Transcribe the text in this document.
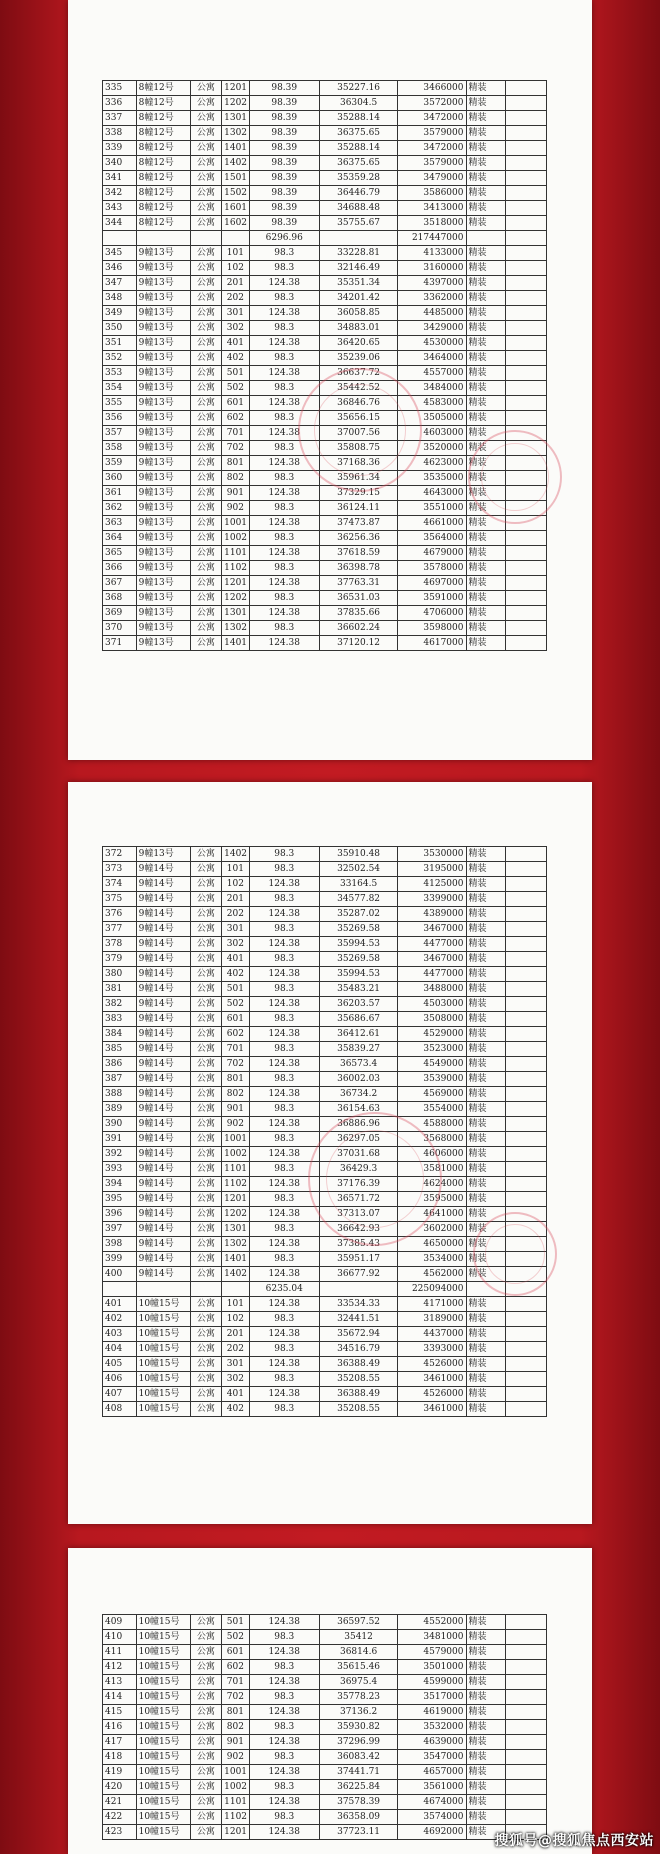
335	8幢12号	公寓	1201	98.39	35227.16	3466000	精装	
336	8幢12号	公寓	1202	98.39	36304.5	3572000	精装	
337	8幢12号	公寓	1301	98.39	35288.14	3472000	精装	
338	8幢12号	公寓	1302	98.39	36375.65	3579000	精装	
339	8幢12号	公寓	1401	98.39	35288.14	3472000	精装	
340	8幢12号	公寓	1402	98.39	36375.65	3579000	精装	
341	8幢12号	公寓	1501	98.39	35359.28	3479000	精装	
342	8幢12号	公寓	1502	98.39	36446.79	3586000	精装	
343	8幢12号	公寓	1601	98.39	34688.48	3413000	精装	
344	8幢12号	公寓	1602	98.39	35755.67	3518000	精装	
				6296.96		217447000		
345	9幢13号	公寓	101	98.3	33228.81	4133000	精装	
346	9幢13号	公寓	102	98.3	32146.49	3160000	精装	
347	9幢13号	公寓	201	124.38	35351.34	4397000	精装	
348	9幢13号	公寓	202	98.3	34201.42	3362000	精装	
349	9幢13号	公寓	301	124.38	36058.85	4485000	精装	
350	9幢13号	公寓	302	98.3	34883.01	3429000	精装	
351	9幢13号	公寓	401	124.38	36420.65	4530000	精装	
352	9幢13号	公寓	402	98.3	35239.06	3464000	精装	
353	9幢13号	公寓	501	124.38	36637.72	4557000	精装	
354	9幢13号	公寓	502	98.3	35442.52	3484000	精装	
355	9幢13号	公寓	601	124.38	36846.76	4583000	精装	
356	9幢13号	公寓	602	98.3	35656.15	3505000	精装	
357	9幢13号	公寓	701	124.38	37007.56	4603000	精装	
358	9幢13号	公寓	702	98.3	35808.75	3520000	精装	
359	9幢13号	公寓	801	124.38	37168.36	4623000	精装	
360	9幢13号	公寓	802	98.3	35961.34	3535000	精装	
361	9幢13号	公寓	901	124.38	37329.15	4643000	精装	
362	9幢13号	公寓	902	98.3	36124.11	3551000	精装	
363	9幢13号	公寓	1001	124.38	37473.87	4661000	精装	
364	9幢13号	公寓	1002	98.3	36256.36	3564000	精装	
365	9幢13号	公寓	1101	124.38	37618.59	4679000	精装	
366	9幢13号	公寓	1102	98.3	36398.78	3578000	精装	
367	9幢13号	公寓	1201	124.38	37763.31	4697000	精装	
368	9幢13号	公寓	1202	98.3	36531.03	3591000	精装	
369	9幢13号	公寓	1301	124.38	37835.66	4706000	精装	
370	9幢13号	公寓	1302	98.3	36602.24	3598000	精装	
371	9幢13号	公寓	1401	124.38	37120.12	4617000	精装	
372	9幢13号	公寓	1402	98.3	35910.48	3530000	精装	
373	9幢14号	公寓	101	98.3	32502.54	3195000	精装	
374	9幢14号	公寓	102	124.38	33164.5	4125000	精装	
375	9幢14号	公寓	201	98.3	34577.82	3399000	精装	
376	9幢14号	公寓	202	124.38	35287.02	4389000	精装	
377	9幢14号	公寓	301	98.3	35269.58	3467000	精装	
378	9幢14号	公寓	302	124.38	35994.53	4477000	精装	
379	9幢14号	公寓	401	98.3	35269.58	3467000	精装	
380	9幢14号	公寓	402	124.38	35994.53	4477000	精装	
381	9幢14号	公寓	501	98.3	35483.21	3488000	精装	
382	9幢14号	公寓	502	124.38	36203.57	4503000	精装	
383	9幢14号	公寓	601	98.3	35686.67	3508000	精装	
384	9幢14号	公寓	602	124.38	36412.61	4529000	精装	
385	9幢14号	公寓	701	98.3	35839.27	3523000	精装	
386	9幢14号	公寓	702	124.38	36573.4	4549000	精装	
387	9幢14号	公寓	801	98.3	36002.03	3539000	精装	
388	9幢14号	公寓	802	124.38	36734.2	4569000	精装	
389	9幢14号	公寓	901	98.3	36154.63	3554000	精装	
390	9幢14号	公寓	902	124.38	36886.96	4588000	精装	
391	9幢14号	公寓	1001	98.3	36297.05	3568000	精装	
392	9幢14号	公寓	1002	124.38	37031.68	4606000	精装	
393	9幢14号	公寓	1101	98.3	36429.3	3581000	精装	
394	9幢14号	公寓	1102	124.38	37176.39	4624000	精装	
395	9幢14号	公寓	1201	98.3	36571.72	3595000	精装	
396	9幢14号	公寓	1202	124.38	37313.07	4641000	精装	
397	9幢14号	公寓	1301	98.3	36642.93	3602000	精装	
398	9幢14号	公寓	1302	124.38	37385.43	4650000	精装	
399	9幢14号	公寓	1401	98.3	35951.17	3534000	精装	
400	9幢14号	公寓	1402	124.38	36677.92	4562000	精装	
				6235.04		225094000		
401	10幢15号	公寓	101	124.38	33534.33	4171000	精装	
402	10幢15号	公寓	102	98.3	32441.51	3189000	精装	
403	10幢15号	公寓	201	124.38	35672.94	4437000	精装	
404	10幢15号	公寓	202	98.3	34516.79	3393000	精装	
405	10幢15号	公寓	301	124.38	36388.49	4526000	精装	
406	10幢15号	公寓	302	98.3	35208.55	3461000	精装	
407	10幢15号	公寓	401	124.38	36388.49	4526000	精装	
408	10幢15号	公寓	402	98.3	35208.55	3461000	精装	
409	10幢15号	公寓	501	124.38	36597.52	4552000	精装	
410	10幢15号	公寓	502	98.3	35412	3481000	精装	
411	10幢15号	公寓	601	124.38	36814.6	4579000	精装	
412	10幢15号	公寓	602	98.3	35615.46	3501000	精装	
413	10幢15号	公寓	701	124.38	36975.4	4599000	精装	
414	10幢15号	公寓	702	98.3	35778.23	3517000	精装	
415	10幢15号	公寓	801	124.38	37136.2	4619000	精装	
416	10幢15号	公寓	802	98.3	35930.82	3532000	精装	
417	10幢15号	公寓	901	124.38	37296.99	4639000	精装	
418	10幢15号	公寓	902	98.3	36083.42	3547000	精装	
419	10幢15号	公寓	1001	124.38	37441.71	4657000	精装	
420	10幢15号	公寓	1002	98.3	36225.84	3561000	精装	
421	10幢15号	公寓	1101	124.38	37578.39	4674000	精装	
422	10幢15号	公寓	1102	98.3	36358.09	3574000	精装	
423	10幢15号	公寓	1201	124.38	37723.11	4692000	精装	
搜狐号@搜狐焦点西安站
